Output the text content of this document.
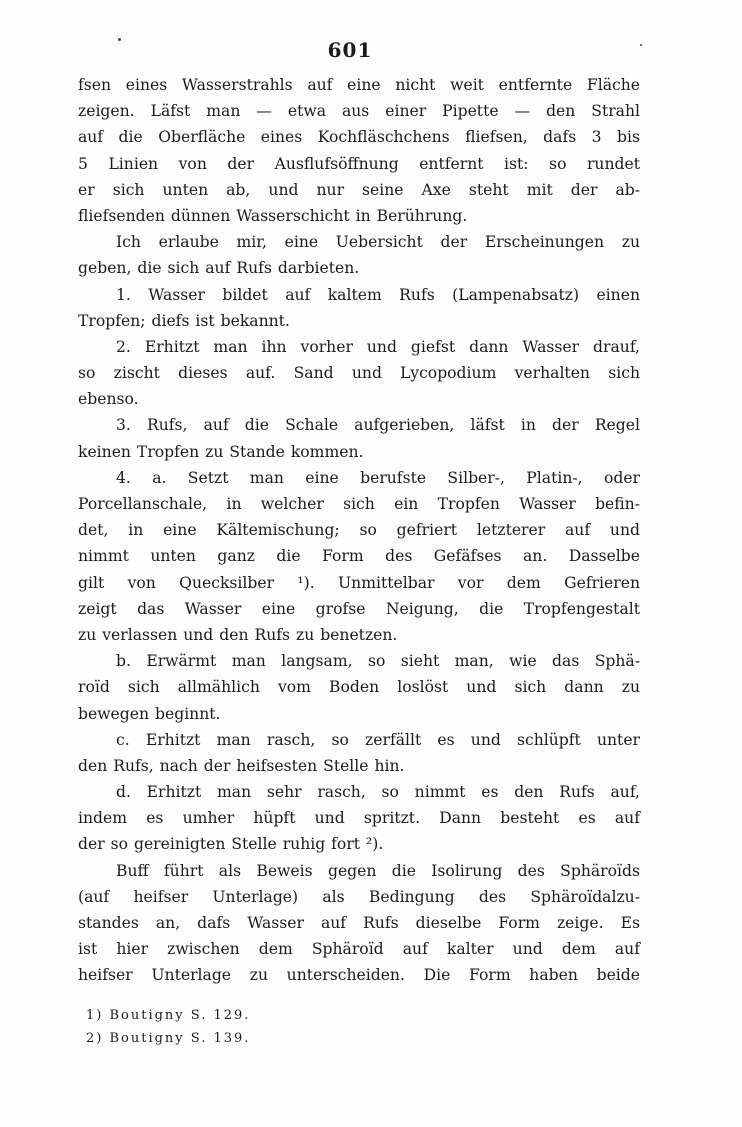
601
fsen eines Wasserstrahls auf eine nicht weit entfernte Fläche
zeigen. Läfst man — etwa aus einer Pipette — den Strahl
auf die Oberfläche eines Kochfläschchens fliefsen, dafs 3 bis
5 Linien von der Ausflufsöffnung entfernt ist: so rundet
er sich unten ab, und nur seine Axe steht mit der ab-
fliefsenden dünnen Wasserschicht in Berührung.
Ich erlaube mir, eine Uebersicht der Erscheinungen zu
geben, die sich auf Rufs darbieten.
1. Wasser bildet auf kaltem Rufs (Lampenabsatz) einen
Tropfen; diefs ist bekannt.
2. Erhitzt man ihn vorher und giefst dann Wasser drauf,
so zischt dieses auf. Sand und Lycopodium verhalten sich
ebenso.
3. Rufs, auf die Schale aufgerieben, läfst in der Regel
keinen Tropfen zu Stande kommen.
4. a. Setzt man eine berufste Silber-, Platin-, oder
Porcellanschale, in welcher sich ein Tropfen Wasser befin-
det, in eine Kältemischung; so gefriert letzterer auf und
nimmt unten ganz die Form des Gefäfses an. Dasselbe
gilt von Quecksilber ¹). Unmittelbar vor dem Gefrieren
zeigt das Wasser eine grofse Neigung, die Tropfengestalt
zu verlassen und den Rufs zu benetzen.
b. Erwärmt man langsam, so sieht man, wie das Sphä-
roïd sich allmählich vom Boden loslöst und sich dann zu
bewegen beginnt.
c. Erhitzt man rasch, so zerfällt es und schlüpft unter
den Rufs, nach der heifsesten Stelle hin.
d. Erhitzt man sehr rasch, so nimmt es den Rufs auf,
indem es umher hüpft und spritzt. Dann besteht es auf
der so gereinigten Stelle ruhig fort ²).
Buff führt als Beweis gegen die Isolirung des Sphäroïds
(auf heifser Unterlage) als Bedingung des Sphäroïdalzu-
standes an, dafs Wasser auf Rufs dieselbe Form zeige. Es
ist hier zwischen dem Sphäroïd auf kalter und dem auf
heifser Unterlage zu unterscheiden. Die Form haben beide
1) Boutigny S. 129.
2) Boutigny S. 139.
